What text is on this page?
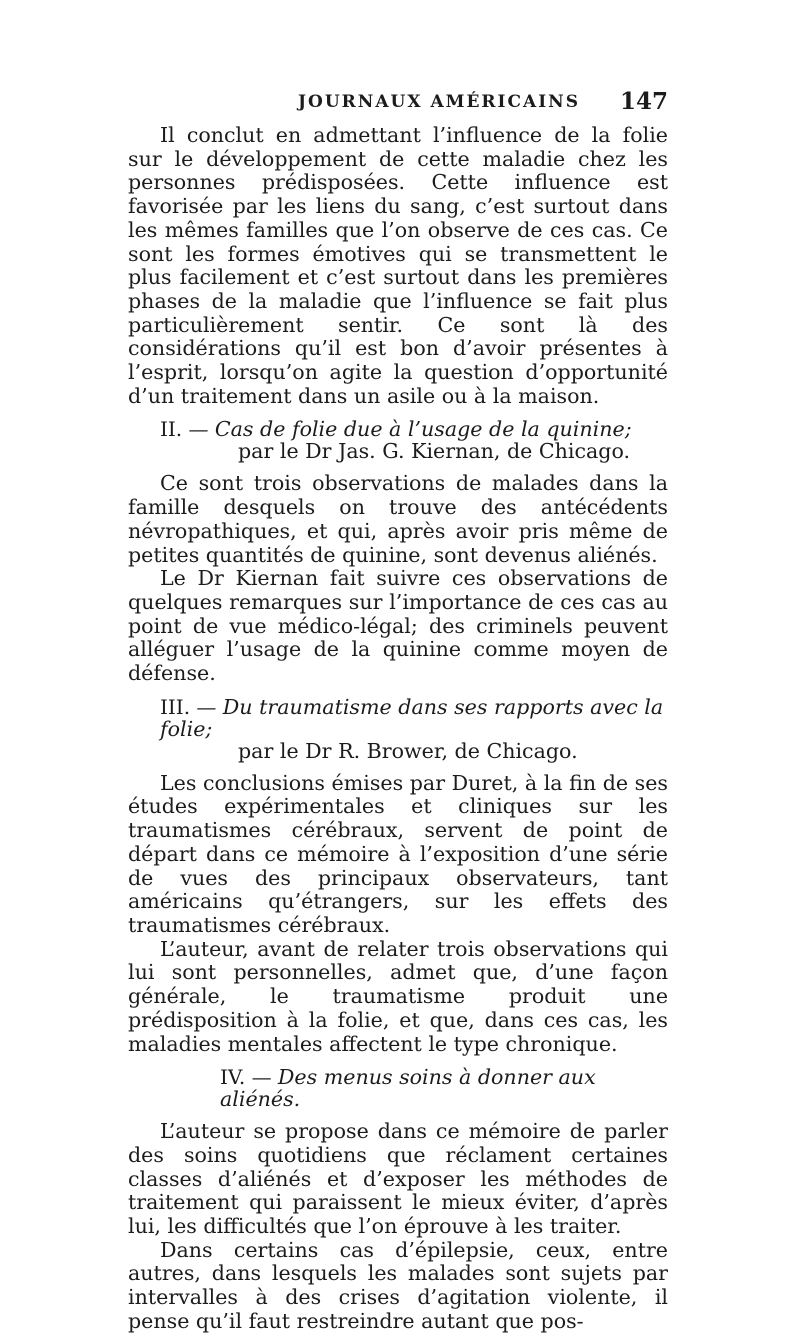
JOURNAUX AMÉRICAINS 147

Il conclut en admettant l’influence de la folie sur le développement de cette maladie chez les personnes prédisposées. Cette influence est favorisée par les liens du sang, c’est surtout dans les mêmes familles que l’on observe de ces cas. Ce sont les formes émotives qui se transmettent le plus facilement et c’est surtout dans les premières phases de la maladie que l’influence se fait plus particulièrement sentir. Ce sont là des considérations qu’il est bon d’avoir présentes à l’esprit, lorsqu’on agite la question d’opportunité d’un traitement dans un asile ou à la maison.

II. — Cas de folie due à l’usage de la quinine;
par le Dr Jas. G. Kiernan, de Chicago.

Ce sont trois observations de malades dans la famille desquels on trouve des antécédents névropathiques, et qui, après avoir pris même de petites quantités de quinine, sont devenus aliénés.

Le Dr Kiernan fait suivre ces observations de quelques remarques sur l’importance de ces cas au point de vue médico-légal; des criminels peuvent alléguer l’usage de la quinine comme moyen de défense.

III. — Du traumatisme dans ses rapports avec la folie;
par le Dr R. Brower, de Chicago.

Les conclusions émises par Duret, à la fin de ses études expérimentales et cliniques sur les traumatismes cérébraux, servent de point de départ dans ce mémoire à l’exposition d’une série de vues des principaux observateurs, tant américains qu’étrangers, sur les effets des traumatismes cérébraux.

L’auteur, avant de relater trois observations qui lui sont personnelles, admet que, d’une façon générale, le traumatisme produit une prédisposition à la folie, et que, dans ces cas, les maladies mentales affectent le type chronique.

IV. — Des menus soins à donner aux aliénés.

L’auteur se propose dans ce mémoire de parler des soins quotidiens que réclament certaines classes d’aliénés et d’exposer les méthodes de traitement qui paraissent le mieux éviter, d’après lui, les difficultés que l’on éprouve à les traiter.

Dans certains cas d’épilepsie, ceux, entre autres, dans lesquels les malades sont sujets par intervalles à des crises d’agitation violente, il pense qu’il faut restreindre autant que pos-
